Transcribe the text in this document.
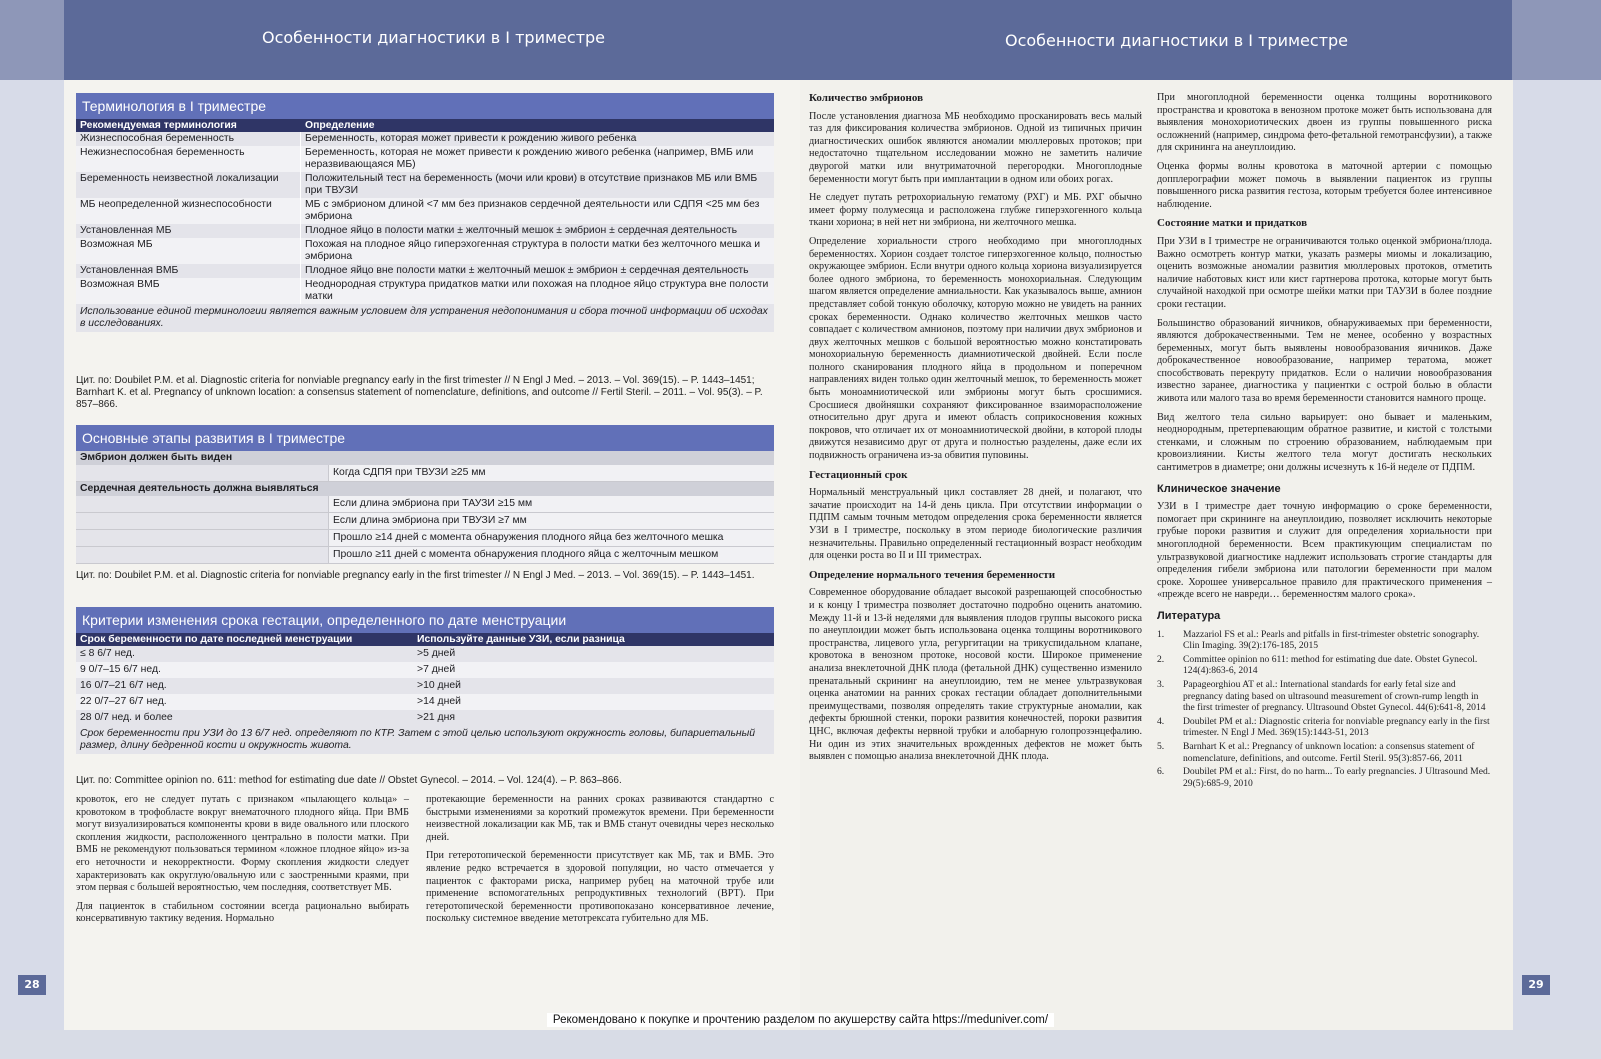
Особенности диагностики в I триместре
28
Терминология в I триместре
Рекомендуемая терминология	Определение
Жизнеспособная беременность	Беременность, которая может привести к рождению живого ребенка
Нежизнеспособная беременность	Беременность, которая не может привести к рождению живого ребенка (например, ВМБ или неразвивающаяся МБ)
Беременность неизвестной локализации	Положительный тест на беременность (мочи или крови) в отсутствие признаков МБ или ВМБ при ТВУЗИ
МБ неопределенной жизнеспособности	МБ с эмбрионом длиной <7 мм без признаков сердечной деятельности или СДПЯ <25 мм без эмбриона
Установленная МБ	Плодное яйцо в полости матки ± желточный мешок ± эмбрион ± сердечная деятельность
Возможная МБ	Похожая на плодное яйцо гиперэхогенная структура в полости матки без желточного мешка и эмбриона
Установленная ВМБ	Плодное яйцо вне полости матки ± желточный мешок ± эмбрион ± сердечная деятельность
Возможная ВМБ	Неоднородная структура придатков матки или похожая на плодное яйцо структура вне полости матки
Использование единой терминологии является важным условием для устранения недопонимания и сбора точной информации об исходах в исследованиях.
Цит. по: Doubilet P.M. et al. Diagnostic criteria for nonviable pregnancy early in the first trimester // N Engl J Med. – 2013. – Vol. 369(15). – P. 1443–1451; Barnhart K. et al. Pregnancy of unknown location: a consensus statement of nomenclature, definitions, and outcome // Fertil Steril. – 2011. – Vol. 95(3). – P. 857–866.
Основные этапы развития в I триместре
Эмбрион должен быть виден
Когда СДПЯ при ТВУЗИ ≥25 мм
Сердечная деятельность должна выявляться
Если длина эмбриона при ТАУЗИ ≥15 мм
Если длина эмбриона при ТВУЗИ ≥7 мм
Прошло ≥14 дней с момента обнаружения плодного яйца без желточного мешка
Прошло ≥11 дней с момента обнаружения плодного яйца с желточным мешком
Цит. по: Doubilet P.M. et al. Diagnostic criteria for nonviable pregnancy early in the first trimester // N Engl J Med. – 2013. – Vol. 369(15). – P. 1443–1451.
Критерии изменения срока гестации, определенного по дате менструации
Срок беременности по дате последней менструации	Используйте данные УЗИ, если разница
≤ 8 6/7 нед.	>5 дней
9 0/7–15 6/7 нед.	>7 дней
16 0/7–21 6/7 нед.	>10 дней
22 0/7–27 6/7 нед.	>14 дней
28 0/7 нед. и более	>21 дня
Срок беременности при УЗИ до 13 6/7 нед. определяют по КТР. Затем с этой целью используют окружность головы, бипариетальный размер, длину бедренной кости и окружность живота.
Цит. по: Committee opinion no. 611: method for estimating due date // Obstet Gynecol. – 2014. – Vol. 124(4). – P. 863–866.

кровоток, его не следует путать с признаком «пылающего кольца» – кровотоком в трофобласте вокруг внематочного плодного яйца. При ВМБ могут визуализироваться компоненты крови в виде овального или плоского скопления жидкости, расположенного центрально в полости матки. При ВМБ не рекомендуют пользоваться термином «ложное плодное яйцо» из-за его неточности и некорректности. Форму скопления жидкости следует характеризовать как округлую/овальную или с заостренными краями, при этом первая с большей вероятностью, чем последняя, соответствует МБ.

Для пациенток в стабильном состоянии всегда рационально выбирать консервативную тактику ведения. Нормально

протекающие беременности на ранних сроках развиваются стандартно с быстрыми изменениями за короткий промежуток времени. При беременности неизвестной локализации как МБ, так и ВМБ станут очевидны через несколько дней.

При гетеротопической беременности присутствует как МБ, так и ВМБ. Это явление редко встречается в здоровой популяции, но часто отмечается у пациенток с факторами риска, например рубец на маточной трубе или применение вспомогательных репродуктивных технологий (ВРТ). При гетеротопической беременности противопоказано консервативное лечение, поскольку системное введение метотрексата губительно для МБ.

Особенности диагностики в I триместре
29
Количество эмбрионов

После установления диагноза МБ необходимо просканировать весь малый таз для фиксирования количества эмбрионов. Одной из типичных причин диагностических ошибок являются аномалии мюллеровых протоков; при недостаточно тщательном исследовании можно не заметить наличие двурогой матки или внутриматочной перегородки. Многоплодные беременности могут быть при имплантации в одном или обоих рогах.

Не следует путать ретрохориальную гематому (РХГ) и МБ. РХГ обычно имеет форму полумесяца и расположена глубже гиперэхогенного кольца ткани хориона; в ней нет ни эмбриона, ни желточного мешка.

Определение хориальности строго необходимо при многоплодных беременностях. Хорион создает толстое гиперэхогенное кольцо, полностью окружающее эмбрион. Если внутри одного кольца хориона визуализируется более одного эмбриона, то беременность монохориальная. Следующим шагом является определение амниальности. Как указывалось выше, амнион представляет собой тонкую оболочку, которую можно не увидеть на ранних сроках беременности. Однако количество желточных мешков часто совпадает с количеством амнионов, поэтому при наличии двух эмбрионов и двух желточных мешков с большой вероятностью можно констатировать монохориальную беременность диамниотической двойней. Если после полного сканирования плодного яйца в продольном и поперечном направлениях виден только один желточный мешок, то беременность может быть моноамниотической или эмбрионы могут быть сросшимися. Сросшиеся двойняшки сохраняют фиксированное взаиморасположение относительно друг друга и имеют область соприкосновения кожных покровов, что отличает их от моноамниотической двойни, в которой плоды движутся независимо друг от друга и полностью разделены, даже если их подвижность ограничена из-за обвития пуповины.

Гестационный срок

Нормальный менструальный цикл составляет 28 дней, и полагают, что зачатие происходит на 14-й день цикла. При отсутствии информации о ПДПМ самым точным методом определения срока беременности является УЗИ в I триместре, поскольку в этом периоде биологические различия незначительны. Правильно определенный гестационный возраст необходим для оценки роста во II и III триместрах.

Определение нормального течения беременности

Современное оборудование обладает высокой разрешающей способностью и к концу I триместра позволяет достаточно подробно оценить анатомию. Между 11-й и 13-й неделями для выявления плодов группы высокого риска по анеуплоидии может быть использована оценка толщины воротникового пространства, лицевого угла, регургитации на трикуспидальном клапане, кровотока в венозном протоке, носовой кости. Широкое применение анализа внеклеточной ДНК плода (фетальной ДНК) существенно изменило пренатальный скрининг на анеуплоидию, тем не менее ультразвуковая оценка анатомии на ранних сроках гестации обладает дополнительными преимуществами, позволяя определять такие структурные аномалии, как дефекты брюшной стенки, пороки развития конечностей, пороки развития ЦНС, включая дефекты нервной трубки и алобарную голопрозэнцефалию. Ни один из этих значительных врожденных дефектов не может быть выявлен с помощью анализа внеклеточной ДНК плода.

При многоплодной беременности оценка толщины воротникового пространства и кровотока в венозном протоке может быть использована для выявления монохориотических двоен из группы повышенного риска осложнений (например, синдрома фето-фетальной гемотрансфузии), а также для скрининга на анеуплоидию.

Оценка формы волны кровотока в маточной артерии с помощью допплерографии может помочь в выявлении пациенток из группы повышенного риска развития гестоза, которым требуется более интенсивное наблюдение.

Состояние матки и придатков

При УЗИ в I триместре не ограничиваются только оценкой эмбриона/плода. Важно осмотреть контур матки, указать размеры миомы и локализацию, оценить возможные аномалии развития мюллеровых протоков, отметить наличие наботовых кист или кист гартнерова протока, которые могут быть случайной находкой при осмотре шейки матки при ТАУЗИ в более поздние сроки гестации.

Большинство образований яичников, обнаруживаемых при беременности, являются доброкачественными. Тем не менее, особенно у возрастных беременных, могут быть выявлены новообразования яичников. Даже доброкачественное новообразование, например тератома, может способствовать перекруту придатков. Если о наличии новообразования известно заранее, диагностика у пациентки с острой болью в области живота или малого таза во время беременности становится намного проще.

Вид желтого тела сильно варьирует: оно бывает и маленьким, неоднородным, претерпевающим обратное развитие, и кистой с толстыми стенками, и сложным по строению образованием, наблюдаемым при кровоизлиянии. Кисты желтого тела могут достигать нескольких сантиметров в диаметре; они должны исчезнуть к 16-й неделе от ПДПМ.

Клиническое значение

УЗИ в I триместре дает точную информацию о сроке беременности, помогает при скрининге на анеуплоидию, позволяет исключить некоторые грубые пороки развития и служит для определения хориальности при многоплодной беременности. Всем практикующим специалистам по ультразвуковой диагностике надлежит использовать строгие стандарты для определения гибели эмбриона или патологии беременности при малом сроке. Хорошее универсальное правило для практического применения – «прежде всего не навреди… беременностям малого срока».

Литература
1.	Mazzariol FS et al.: Pearls and pitfalls in first-trimester obstetric sonography. Clin Imaging. 39(2):176-185, 2015
2.	Committee opinion no 611: method for estimating due date. Obstet Gynecol. 124(4):863-6, 2014
3.	Papageorghiou AT et al.: International standards for early fetal size and pregnancy dating based on ultrasound measurement of crown-rump length in the first trimester of pregnancy. Ultrasound Obstet Gynecol. 44(6):641-8, 2014
4.	Doubilet PM et al.: Diagnostic criteria for nonviable pregnancy early in the first trimester. N Engl J Med. 369(15):1443-51, 2013
5.	Barnhart K et al.: Pregnancy of unknown location: a consensus statement of nomenclature, definitions, and outcome. Fertil Steril. 95(3):857-66, 2011
6.	Doubilet PM et al.: First, do no harm... To early pregnancies. J Ultrasound Med. 29(5):685-9, 2010
Рекомендовано к покупке и прочтению разделом по акушерству сайта https://meduniver.com/
